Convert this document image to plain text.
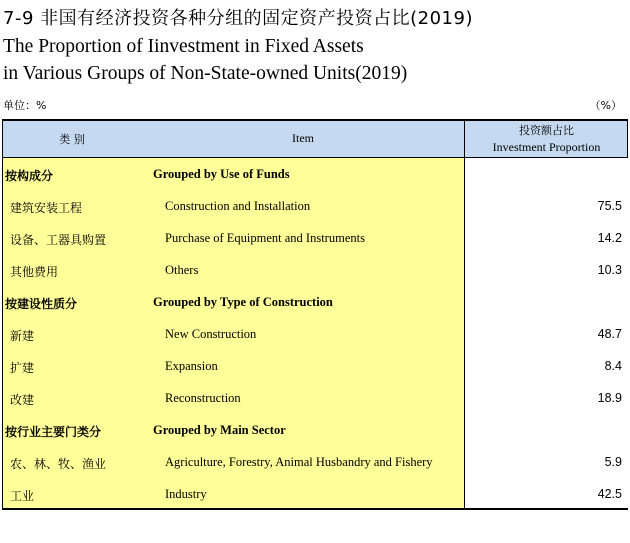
7-9 非国有经济投资各种分组的固定资产投资占比(2019)
The Proportion of Iinvestment in Fixed Assets
in Various Groups of Non-State-owned Units(2019)
单位：%	（%）
类 别	Item
投资额占比
Investment Proportion
按构成分	Grouped by Use of Funds
建筑安装工程	Construction and Installation	75.5
设备、工器具购置	Purchase of Equipment and Instruments	14.2
其他费用	Others	10.3
按建设性质分	Grouped by Type of Construction
新建	New Construction	48.7
扩建	Expansion	8.4
改建	Reconstruction	18.9
按行业主要门类分	Grouped by Main Sector
农、林、牧、渔业	Agriculture, Forestry, Animal Husbandry and Fishery	5.9
工业	Industry	42.5
